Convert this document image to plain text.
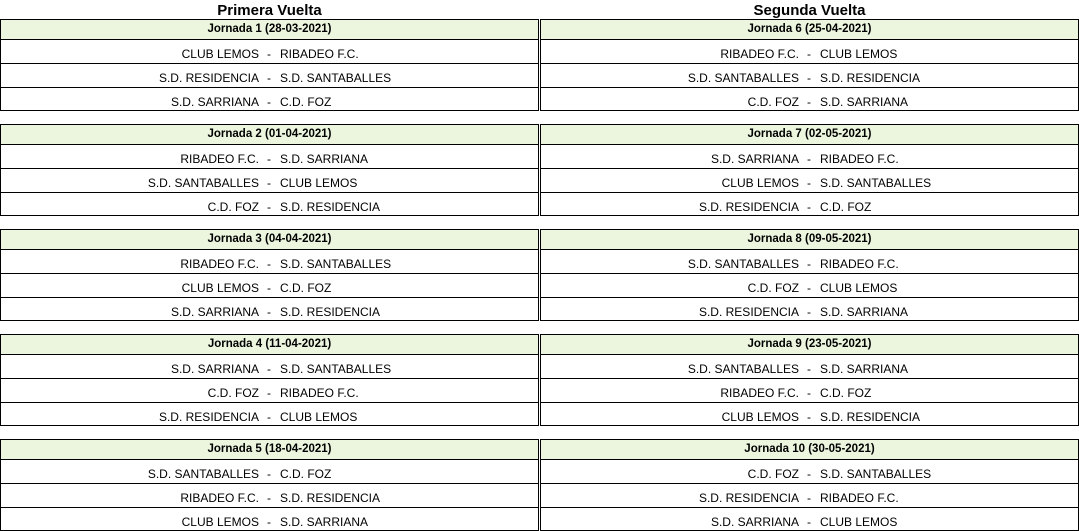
Primera Vuelta	Segunda Vuelta
Jornada 1 (28-03-2021)
CLUB LEMOS - RIBADEO F.C.
S.D. RESIDENCIA - S.D. SANTABALLES
S.D. SARRIANA - C.D. FOZ
Jornada 2 (01-04-2021)
RIBADEO F.C. - S.D. SARRIANA
S.D. SANTABALLES - CLUB LEMOS
C.D. FOZ - S.D. RESIDENCIA
Jornada 3 (04-04-2021)
RIBADEO F.C. - S.D. SANTABALLES
CLUB LEMOS - C.D. FOZ
S.D. SARRIANA - S.D. RESIDENCIA
Jornada 4 (11-04-2021)
S.D. SARRIANA - S.D. SANTABALLES
C.D. FOZ - RIBADEO F.C.
S.D. RESIDENCIA - CLUB LEMOS
Jornada 5 (18-04-2021)
S.D. SANTABALLES - C.D. FOZ
RIBADEO F.C. - S.D. RESIDENCIA
CLUB LEMOS - S.D. SARRIANA
Jornada 6 (25-04-2021)
RIBADEO F.C. - CLUB LEMOS
S.D. SANTABALLES - S.D. RESIDENCIA
C.D. FOZ - S.D. SARRIANA
Jornada 7 (02-05-2021)
S.D. SARRIANA - RIBADEO F.C.
CLUB LEMOS - S.D. SANTABALLES
S.D. RESIDENCIA - C.D. FOZ
Jornada 8 (09-05-2021)
S.D. SANTABALLES - RIBADEO F.C.
C.D. FOZ - CLUB LEMOS
S.D. RESIDENCIA - S.D. SARRIANA
Jornada 9 (23-05-2021)
S.D. SANTABALLES - S.D. SARRIANA
RIBADEO F.C. - C.D. FOZ
CLUB LEMOS - S.D. RESIDENCIA
Jornada 10 (30-05-2021)
C.D. FOZ - S.D. SANTABALLES
S.D. RESIDENCIA - RIBADEO F.C.
S.D. SARRIANA - CLUB LEMOS
